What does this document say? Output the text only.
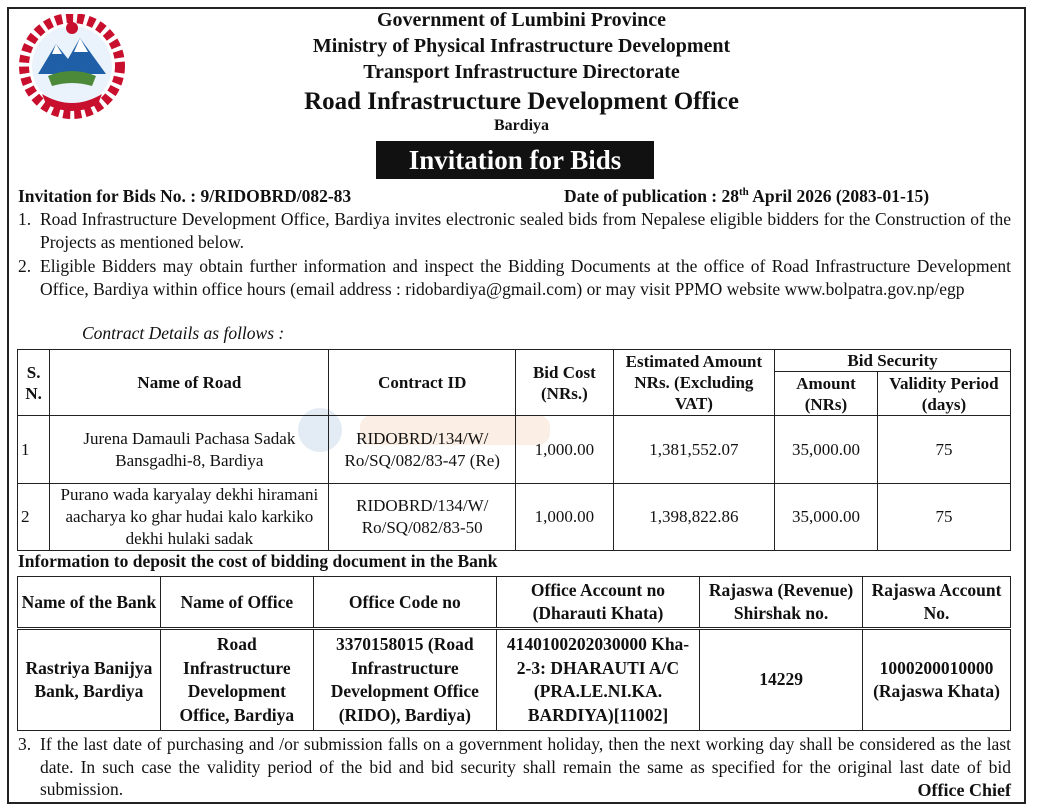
Government of Lumbini Province
Ministry of Physical Infrastructure Development
Transport Infrastructure Directorate
Road Infrastructure Development Office
Bardiya
Invitation for Bids
Invitation for Bids No. : 9/RIDOBRD/082-83	Date of publication : 28th April 2026 (2083-01-15)
1. Road Infrastructure Development Office, Bardiya invites electronic sealed bids from Nepalese eligible bidders for the Construction of the Projects as mentioned below.
2. Eligible Bidders may obtain further information and inspect the Bidding Documents at the office of Road Infrastructure Development Office, Bardiya within office hours (email address : ridobardiya@gmail.com) or may visit PPMO website www.bolpatra.gov.np/egp
Contract Details as follows :
S. N.	Name of Road	Contract ID	Bid Cost (NRs.)	Estimated Amount NRs. (Excluding VAT)	Bid Security	
					Amount (NRs)	Validity Period (days)

1	Jurena Damauli Pachasa Sadak Bansgadhi-8, Bardiya	RIDOBRD/134/W/ Ro/SQ/082/83-47 (Re)	1,000.00	1,381,552.07	35,000.00	75
2	Purano wada karyalay dekhi hiramani aacharya ko ghar hudai kalo karkiko dekhi hulaki sadak	RIDOBRD/134/W/ Ro/SQ/082/83-50	1,000.00	1,398,822.86	35,000.00	75
Information to deposit the cost of bidding document in the Bank
Name of the Bank	Name of Office	Office Code no	Office Account no (Dharauti Khata)	Rajaswa (Revenue) Shirshak no.	Rajaswa Account No.
Rastriya Banijya Bank, Bardiya	Road Infrastructure Development Office, Bardiya	3370158015 (Road Infrastructure Development Office (RIDO), Bardiya)	4140100202030000 Kha-2-3: DHARAUTI A/C (PRA.LE.NI.KA. BARDIYA)[11002]	14229	1000200010000 (Rajaswa Khata)
3. If the last date of purchasing and /or submission falls on a government holiday, then the next working day shall be considered as the last date. In such case the validity period of the bid and bid security shall remain the same as specified for the original last date of bid submission.	Office Chief
